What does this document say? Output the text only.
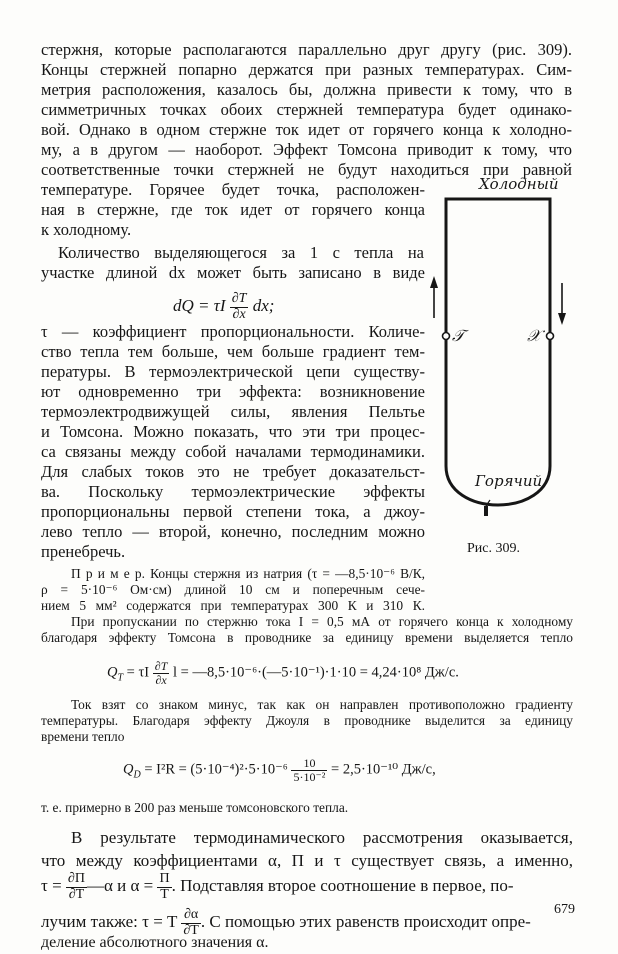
стержня, которые располагаются параллельно друг другу (рис. 309).
Концы стержней попарно держатся при разных температурах. Сим-
метрия расположения, казалось бы, должна привести к тому, что в
симметричных точках обоих стержней температура будет одинако-
вой. Однако в одном стержне ток идет от горячего конца к холодно-
му, а в другом — наоборот. Эффект Томсона приводит к тому, что
соответственные точки стержней не будут находиться при равной
температуре. Горячее будет точка, расположен-
ная в стержне, где ток идет от горячего конца
к холодному.
Количество выделяющегося за 1 с тепла на
участке длиной dx может быть записано в виде
dQ = τI $\frac{\partial T}{\partial x}$ dx;
τ — коэффициент пропорциональности. Количе-
ство тепла тем больше, чем больше градиент тем-
пературы. В термоэлектрической цепи существу-
ют одновременно три эффекта: возникновение
термоэлектродвижущей силы, явления Пельтье
и Томсона. Можно показать, что эти три процес-
са связаны между собой началами термодинамики.
Для слабых токов это не требует доказательст-
ва. Поскольку термоэлектрические эффекты
пропорциональны первой степени тока, а джоу-
лево тепло — второй, конечно, последним можно
пренебречь.
П р и м е р. Концы стержня из натрия (τ = —8,5·10⁻⁶ В/К,
ρ = 5·10⁻⁶ Ом·см) длиной 10 см и поперечным сече-
нием 5 мм² содержатся при температурах 300 К и 310 К.
При пропускании по стержню тока I = 0,5 мА от горячего конца к холодному
благодаря эффекту Томсона в проводнике за единицу времени выделяется тепло
$Q_T = \tau I \frac{\partial T}{\partial x}$ l = —8,5·10⁻⁶·(—5·10⁻¹)·1·10 = 4,24·10⁸ Дж/с.
Ток взят со знаком минус, так как он направлен противоположно градиенту
температуры. Благодаря эффекту Джоуля в проводнике выделится за единицу
времени тепло
$Q_D = I^2R = (5\cdot 10^{-4})^2\cdot 5\cdot 10^{-6} \frac{10}{\text{5·10⁻²}} = 2,5\cdot 10^{-10}$ Дж/с,
т. е. примерно в 200 раз меньше томсоновского тепла.
В результате термодинамического рассмотрения оказывается,
что между коэффициентами α, П и τ существует связь, а именно,
$\tau = \frac{\partial П}{\partial T}$ —α и $\alpha = \frac{П}{T}$ . Подставляя второе соотношение в первое, по-
лучим также: τ = T $\frac{\partial\alpha}{\partial T}$ . С помощью этих равенств происходит опре-
деление абсолютного значения α.
Холодный
𝒯	𝒳
Горячий
Рис. 309.
679
